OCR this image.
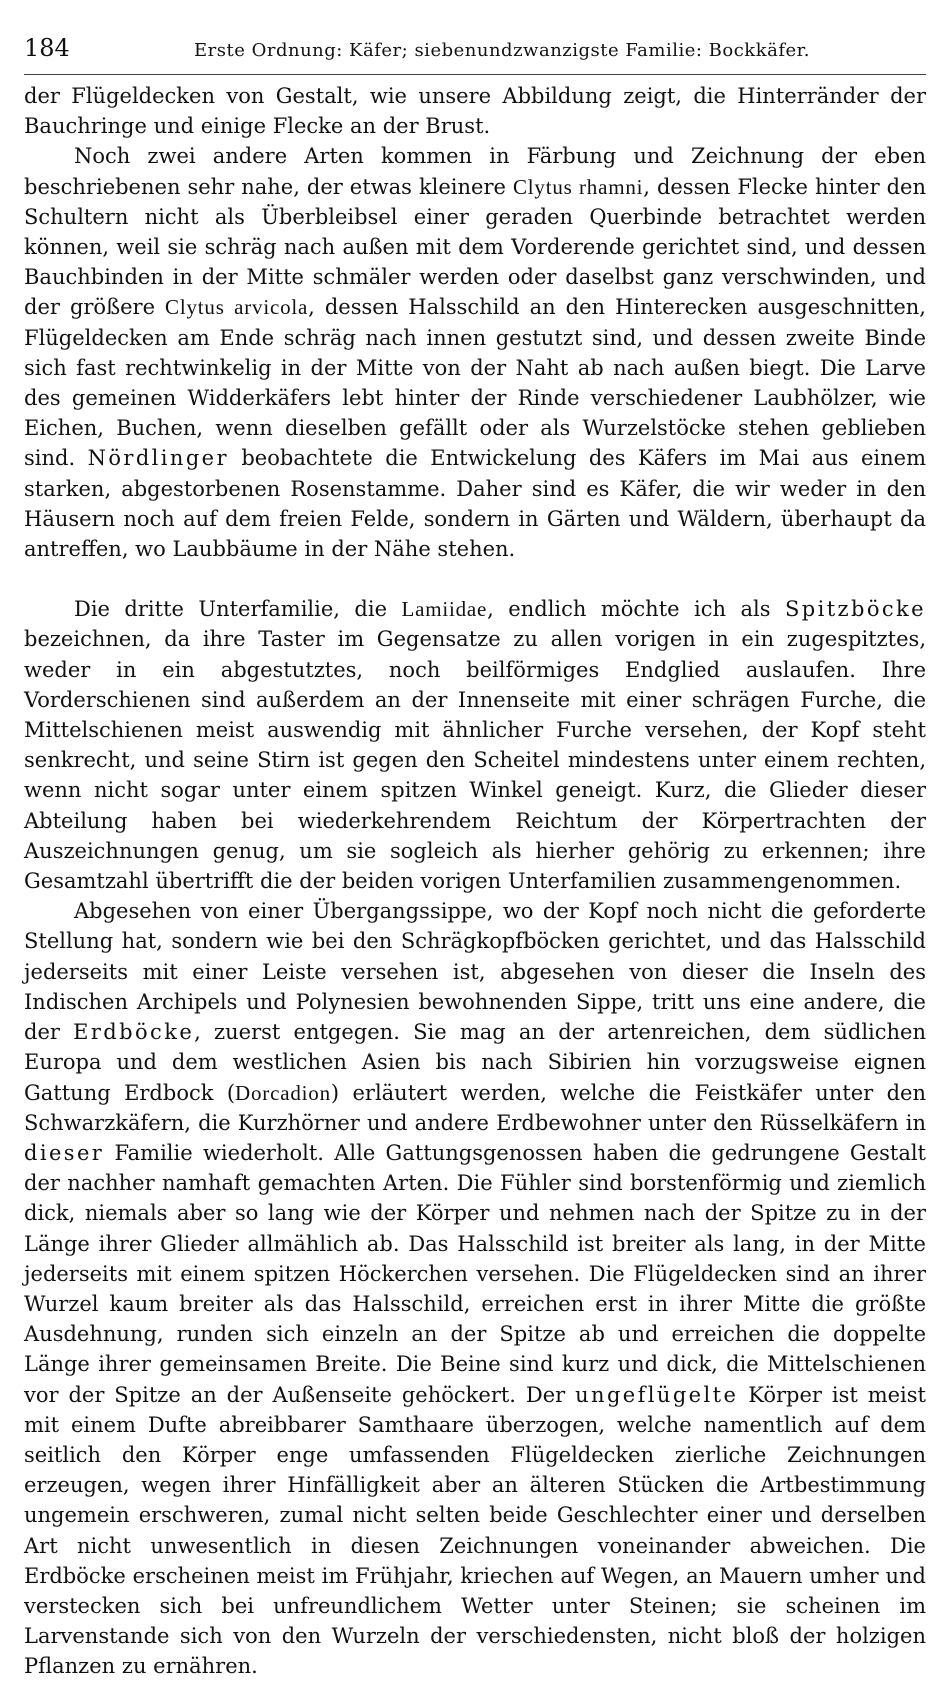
184	Erste Ordnung: Käfer; siebenundzwanzigste Familie: Bockkäfer.

der Flügeldecken von Gestalt, wie unsere Abbildung zeigt, die Hinterränder der Bauchringe und einige Flecke an der Brust.

Noch zwei andere Arten kommen in Färbung und Zeichnung der eben beschriebenen sehr nahe, der etwas kleinere Clytus rhamni, dessen Flecke hinter den Schultern nicht als Überbleibsel einer geraden Querbinde betrachtet werden können, weil sie schräg nach außen mit dem Vorderende gerichtet sind, und dessen Bauchbinden in der Mitte schmäler werden oder daselbst ganz verschwinden, und der größere Clytus arvicola, dessen Halsschild an den Hinterecken ausgeschnitten, Flügeldecken am Ende schräg nach innen gestutzt sind, und dessen zweite Binde sich fast rechtwinkelig in der Mitte von der Naht ab nach außen biegt. Die Larve des gemeinen Widderkäfers lebt hinter der Rinde verschiedener Laubhölzer, wie Eichen, Buchen, wenn dieselben gefällt oder als Wurzelstöcke stehen geblieben sind. Nördlinger beobachtete die Entwickelung des Käfers im Mai aus einem starken, abgestorbenen Rosenstamme. Daher sind es Käfer, die wir weder in den Häusern noch auf dem freien Felde, sondern in Gärten und Wäldern, überhaupt da antreffen, wo Laubbäume in der Nähe stehen.

Die dritte Unterfamilie, die Lamiidae, endlich möchte ich als Spitzböcke bezeichnen, da ihre Taster im Gegensatze zu allen vorigen in ein zugespitztes, weder in ein abgestutztes, noch beilförmiges Endglied auslaufen. Ihre Vorderschienen sind außerdem an der Innenseite mit einer schrägen Furche, die Mittelschienen meist auswendig mit ähnlicher Furche versehen, der Kopf steht senkrecht, und seine Stirn ist gegen den Scheitel mindestens unter einem rechten, wenn nicht sogar unter einem spitzen Winkel geneigt. Kurz, die Glieder dieser Abteilung haben bei wiederkehrendem Reichtum der Körpertrachten der Auszeichnungen genug, um sie sogleich als hierher gehörig zu erkennen; ihre Gesamtzahl übertrifft die der beiden vorigen Unterfamilien zusammengenommen.

Abgesehen von einer Übergangssippe, wo der Kopf noch nicht die geforderte Stellung hat, sondern wie bei den Schrägkopfböcken gerichtet, und das Halsschild jederseits mit einer Leiste versehen ist, abgesehen von dieser die Inseln des Indischen Archipels und Polynesien bewohnenden Sippe, tritt uns eine andere, die der Erdböcke, zuerst entgegen. Sie mag an der artenreichen, dem südlichen Europa und dem westlichen Asien bis nach Sibirien hin vorzugsweise eignen Gattung Erdbock (Dorcadion) erläutert werden, welche die Feistkäfer unter den Schwarzkäfern, die Kurzhörner und andere Erdbewohner unter den Rüsselkäfern in dieser Familie wiederholt. Alle Gattungsgenossen haben die gedrungene Gestalt der nachher namhaft gemachten Arten. Die Fühler sind borstenförmig und ziemlich dick, niemals aber so lang wie der Körper und nehmen nach der Spitze zu in der Länge ihrer Glieder allmählich ab. Das Halsschild ist breiter als lang, in der Mitte jederseits mit einem spitzen Höckerchen versehen. Die Flügeldecken sind an ihrer Wurzel kaum breiter als das Halsschild, erreichen erst in ihrer Mitte die größte Ausdehnung, runden sich einzeln an der Spitze ab und erreichen die doppelte Länge ihrer gemeinsamen Breite. Die Beine sind kurz und dick, die Mittelschienen vor der Spitze an der Außenseite gehöckert. Der ungeflügelte Körper ist meist mit einem Dufte abreibbarer Samthaare überzogen, welche namentlich auf dem seitlich den Körper enge umfassenden Flügeldecken zierliche Zeichnungen erzeugen, wegen ihrer Hinfälligkeit aber an älteren Stücken die Artbestimmung ungemein erschweren, zumal nicht selten beide Geschlechter einer und derselben Art nicht unwesentlich in diesen Zeichnungen voneinander abweichen. Die Erdböcke erscheinen meist im Frühjahr, kriechen auf Wegen, an Mauern umher und verstecken sich bei unfreundlichem Wetter unter Steinen; sie scheinen im Larvenstande sich von den Wurzeln der verschiedensten, nicht bloß der holzigen Pflanzen zu ernähren.
